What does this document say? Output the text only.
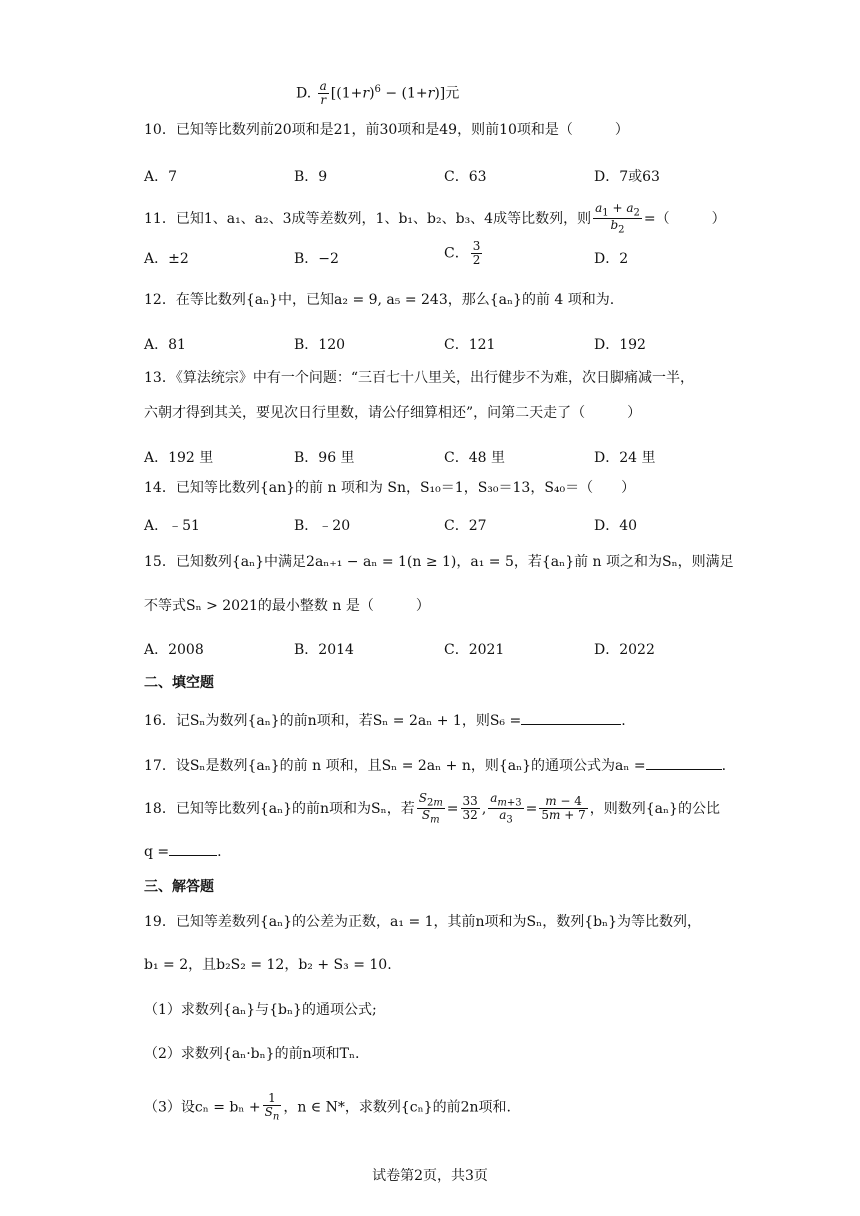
D. $\frac{a}{r} [(1+r)^6 - (1+r)]$元
10．已知等比数列前20项和是21，前30项和是49，则前10项和是（　　　）
A．7	B．9	C．63	D．7或63
11．已知1、a₁、a₂、3成等差数列，1、b₁、b₂、b₃、4成等比数列，则 $\frac{a_1 + a_2}{b_2}$ =（　　　）
A．±2	B．−2	C． $\frac{3}{2}$	D．2
12．在等比数列{aₙ}中，已知a₂ = 9, a₅ = 243，那么{aₙ}的前 4 项和为.
A．81	B．120	C．121	D．192
13．《算法统宗》中有一个问题：“三百七十八里关，出行健步不为难，次日脚痛减一半，
六朝才得到其关，要见次日行里数，请公仔细算相还”，问第二天走了（　　　）
A．192 里	B．96 里	C．48 里	D．24 里
14．已知等比数列{an}的前 n 项和为 Sn，S₁₀＝1，S₃₀＝13，S₄₀＝（　　）
A．﹣51	B．﹣20	C．27	D．40
15．已知数列{aₙ}中满足2aₙ₊₁ − aₙ = 1(n ≥ 1)，a₁ = 5，若{aₙ}前 n 项之和为Sₙ，则满足
不等式Sₙ > 2021的最小整数 n 是（　　　）
A．2008	B．2014	C．2021	D．2022
二、填空题
16．记Sₙ为数列{aₙ}的前n项和，若Sₙ = 2aₙ + 1，则S₆ =	.
17．设Sₙ是数列{aₙ}的前 n 项和，且Sₙ = 2aₙ + n，则{aₙ}的通项公式为aₙ =	.
18．已知等比数列{aₙ}的前n项和为Sₙ，若 $\frac{S_{2m}}{S_m} = \frac{33}{32}$ , $\frac{a_{m+3}}{a_3} = \frac{m - 4}{5m + 7}$ ，则数列{aₙ}的公比
q =	.
三、解答题
19．已知等差数列{aₙ}的公差为正数，a₁ = 1，其前n项和为Sₙ，数列{bₙ}为等比数列，
b₁ = 2，且b₂S₂ = 12，b₂ + S₃ = 10.
（1）求数列{aₙ}与{bₙ}的通项公式;
（2）求数列{aₙ·bₙ}的前n项和Tₙ.
（3）设$c_n = b_n + \frac{1}{S_n}$ ，n ∈ N*，求数列{cₙ}的前2n项和.
试卷第2页，共3页
